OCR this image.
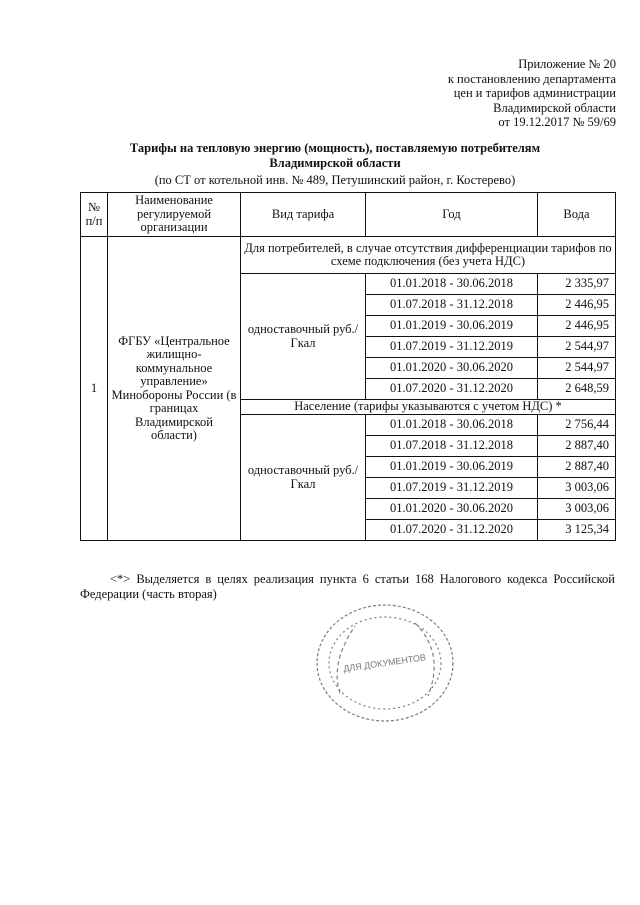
Приложение № 20
к постановлению департамента
цен и тарифов администрации
Владимирской области
от 19.12.2017 № 59/69
Тарифы на тепловую энергию (мощность), поставляемую потребителям
Владимирской области
(по СТ от котельной инв. № 489, Петушинский район, г. Костерево)
№ п/п	Наименование регулируемой организации	Вид тарифа	Год	Вода
1	ФГБУ «Центральное жилищно-коммунальное управление» Минобороны России (в границах Владимирской области)	Для потребителей, в случае отсутствия дифференциации тарифов по схеме подключения (без учета НДС)		
		одноставочный руб./Гкал	01.01.2018 - 30.06.2018	2 335,97
			01.07.2018 - 31.12.2018	2 446,95
			01.01.2019 - 30.06.2019	2 446,95
			01.07.2019 - 31.12.2019	2 544,97
			01.01.2020 - 30.06.2020	2 544,97
			01.07.2020 - 31.12.2020	2 648,59
		Население (тарифы указываются с учетом НДС) *		
		одноставочный руб./Гкал	01.01.2018 - 30.06.2018	2 756,44
			01.07.2018 - 31.12.2018	2 887,40
			01.01.2019 - 30.06.2019	2 887,40
			01.07.2019 - 31.12.2019	3 003,06
			01.01.2020 - 30.06.2020	3 003,06
			01.07.2020 - 31.12.2020	3 125,34
<*> Выделяется в целях реализация пункта 6 статьи 168 Налогового кодекса Российской Федерации (часть вторая)
ДЛЯ ДОКУМЕНТОВ
